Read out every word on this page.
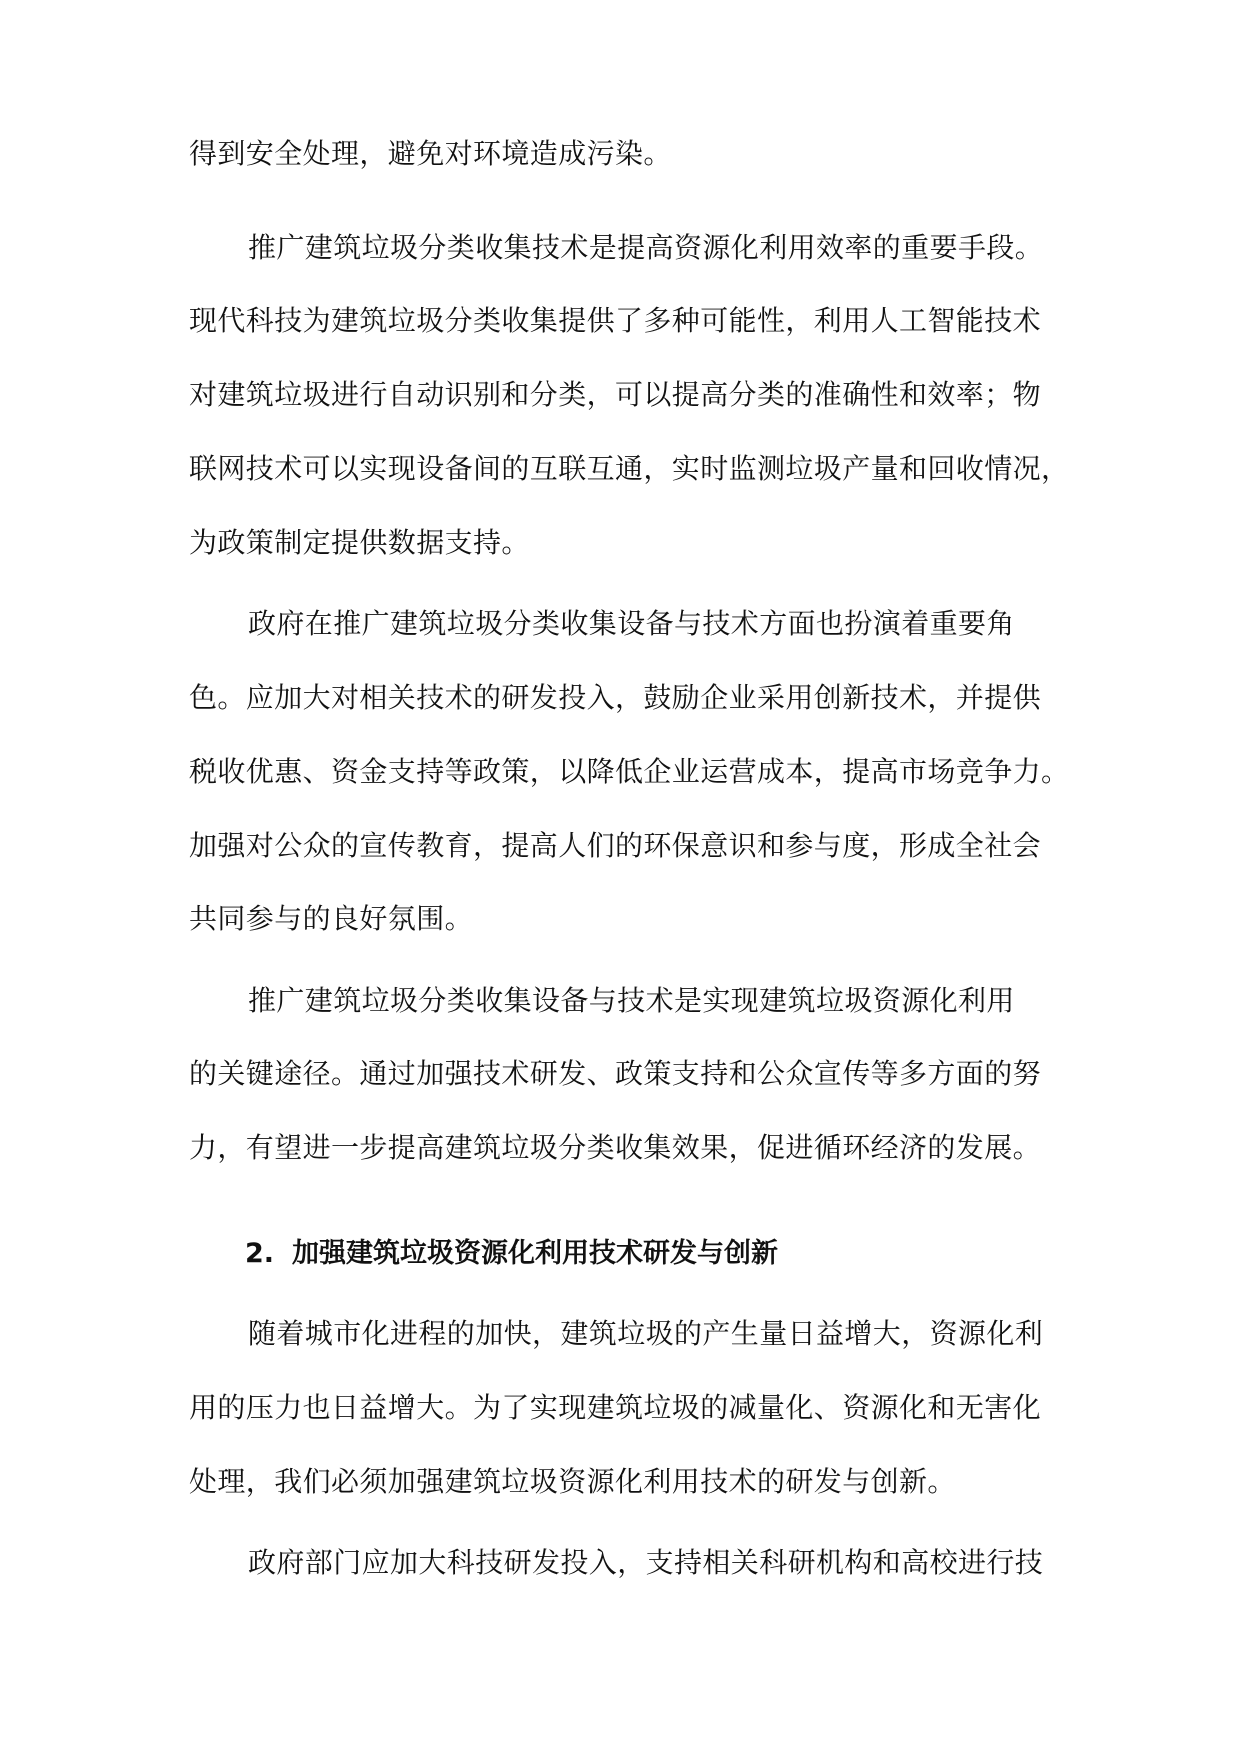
得到安全处理，避免对环境造成污染。

推广建筑垃圾分类收集技术是提高资源化利用效率的重要手段。

现代科技为建筑垃圾分类收集提供了多种可能性，利用人工智能技术

对建筑垃圾进行自动识别和分类，可以提高分类的准确性和效率；物

联网技术可以实现设备间的互联互通，实时监测垃圾产量和回收情况，

为政策制定提供数据支持。

政府在推广建筑垃圾分类收集设备与技术方面也扮演着重要角

色。应加大对相关技术的研发投入，鼓励企业采用创新技术，并提供

税收优惠、资金支持等政策，以降低企业运营成本，提高市场竞争力。

加强对公众的宣传教育，提高人们的环保意识和参与度，形成全社会

共同参与的良好氛围。

推广建筑垃圾分类收集设备与技术是实现建筑垃圾资源化利用

的关键途径。通过加强技术研发、政策支持和公众宣传等多方面的努

力，有望进一步提高建筑垃圾分类收集效果，促进循环经济的发展。

2. 加强建筑垃圾资源化利用技术研发与创新

随着城市化进程的加快，建筑垃圾的产生量日益增大，资源化利

用的压力也日益增大。为了实现建筑垃圾的减量化、资源化和无害化

处理，我们必须加强建筑垃圾资源化利用技术的研发与创新。

政府部门应加大科技研发投入，支持相关科研机构和高校进行技
